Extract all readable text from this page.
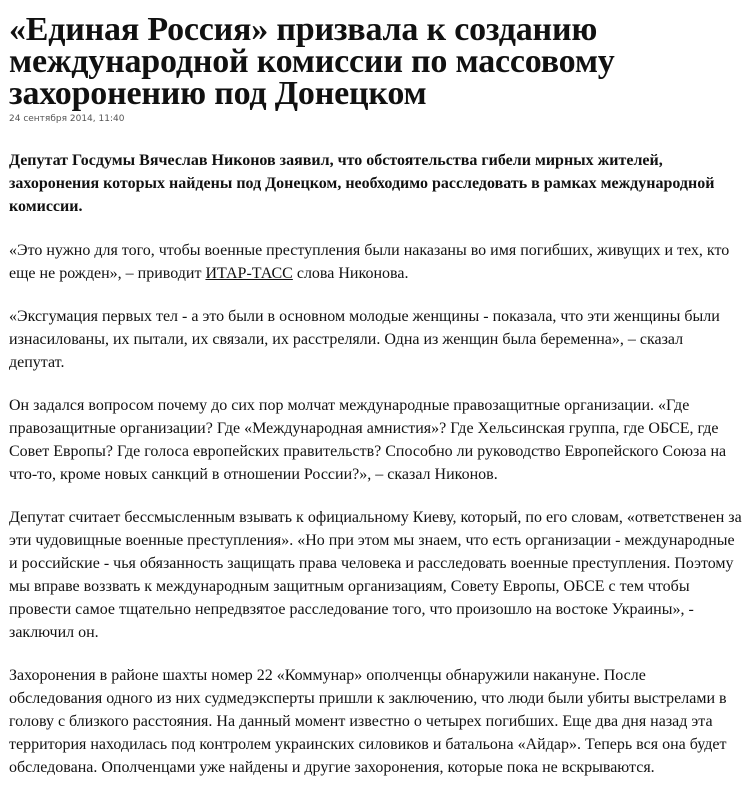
«Единая Россия» призвала к созданию международной комиссии по массовому захоронению под Донецком
24 сентября 2014, 11:40

Депутат Госдумы Вячеслав Никонов заявил, что обстоятельства гибели мирных жителей, захоронения которых найдены под Донецком, необходимо расследовать в рамках международной комиссии.

«Это нужно для того, чтобы военные преступления были наказаны во имя погибших, живущих и тех, кто еще не рожден», – приводит ИТАР-ТАСС слова Никонова.

«Эксгумация первых тел - а это были в основном молодые женщины - показала, что эти женщины были изнасилованы, их пытали, их связали, их расстреляли. Одна из женщин была беременна», – сказал депутат.

Он задался вопросом почему до сих пор молчат международные правозащитные организации. «Где правозащитные организации? Где «Международная амнистия»? Где Хельсинская группа, где ОБСЕ, где Совет Европы? Где голоса европейских правительств? Способно ли руководство Европейского Союза на что-то, кроме новых санкций в отношении России?», – сказал Никонов.

Депутат считает бессмысленным взывать к официальному Киеву, который, по его словам, «ответственен за эти чудовищные военные преступления». «Но при этом мы знаем, что есть организации - международные и российские - чья обязанность защищать права человека и расследовать военные преступления. Поэтому мы вправе воззвать к международным защитным организациям, Совету Европы, ОБСЕ с тем чтобы провести самое тщательно непредвзятое расследование того, что произошло на востоке Украины», - заключил он.

Захоронения в районе шахты номер 22 «Коммунар» ополченцы обнаружили накануне. После обследования одного из них судмедэксперты пришли к заключению, что люди были убиты выстрелами в голову с близкого расстояния. На данный момент известно о четырех погибших. Еще два дня назад эта территория находилась под контролем украинских силовиков и батальона «Айдар». Теперь вся она будет обследована. Ополченцами уже найдены и другие захоронения, которые пока не вскрываются.
